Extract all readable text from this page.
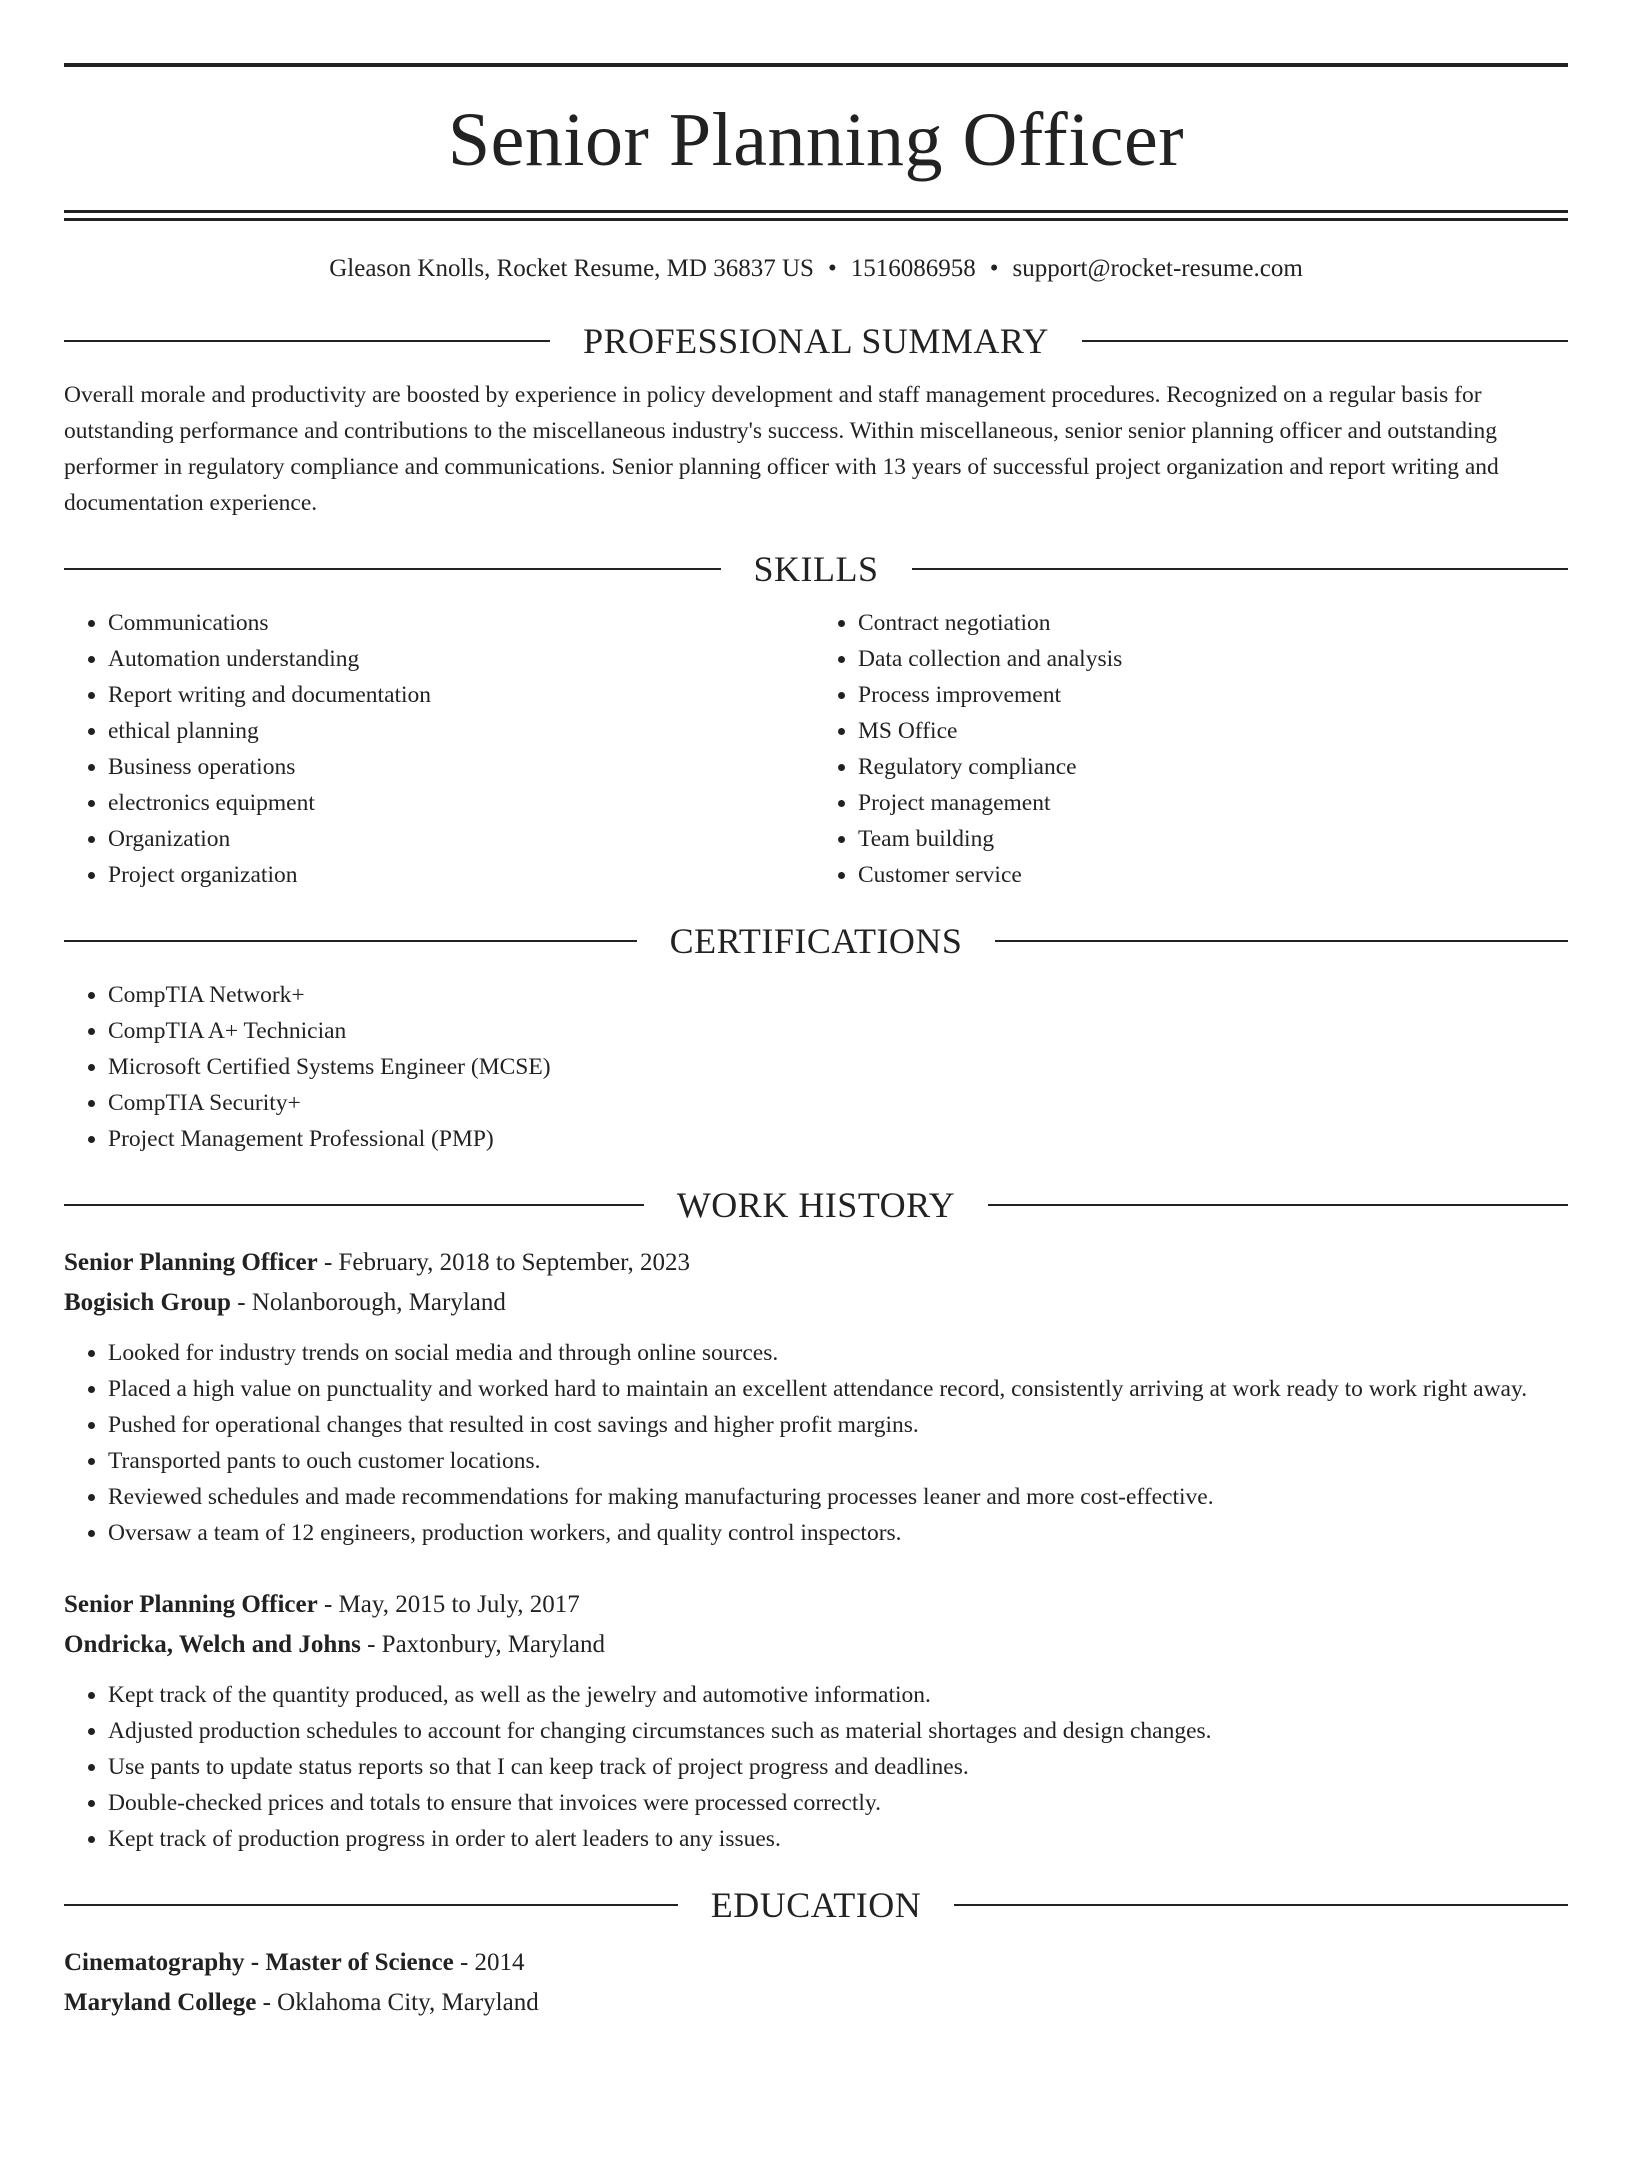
Senior Planning Officer
Gleason Knolls, Rocket Resume, MD 36837 US • 1516086958 • support@rocket-resume.com
PROFESSIONAL SUMMARY
Overall morale and productivity are boosted by experience in policy development and staff management procedures. Recognized on a regular basis for outstanding performance and contributions to the miscellaneous industry's success. Within miscellaneous, senior senior planning officer and outstanding performer in regulatory compliance and communications. Senior planning officer with 13 years of successful project organization and report writing and documentation experience.
SKILLS
• Communications
• Automation understanding
• Report writing and documentation
• ethical planning
• Business operations
• electronics equipment
• Organization
• Project organization
• Contract negotiation
• Data collection and analysis
• Process improvement
• MS Office
• Regulatory compliance
• Project management
• Team building
• Customer service
CERTIFICATIONS
• CompTIA Network+
• CompTIA A+ Technician
• Microsoft Certified Systems Engineer (MCSE)
• CompTIA Security+
• Project Management Professional (PMP)
WORK HISTORY
Senior Planning Officer - February, 2018 to September, 2023
Bogisich Group - Nolanborough, Maryland
• Looked for industry trends on social media and through online sources.
• Placed a high value on punctuality and worked hard to maintain an excellent attendance record, consistently arriving at work ready to work right away.
• Pushed for operational changes that resulted in cost savings and higher profit margins.
• Transported pants to ouch customer locations.
• Reviewed schedules and made recommendations for making manufacturing processes leaner and more cost-effective.
• Oversaw a team of 12 engineers, production workers, and quality control inspectors.
Senior Planning Officer - May, 2015 to July, 2017
Ondricka, Welch and Johns - Paxtonbury, Maryland
• Kept track of the quantity produced, as well as the jewelry and automotive information.
• Adjusted production schedules to account for changing circumstances such as material shortages and design changes.
• Use pants to update status reports so that I can keep track of project progress and deadlines.
• Double-checked prices and totals to ensure that invoices were processed correctly.
• Kept track of production progress in order to alert leaders to any issues.
EDUCATION
Cinematography - Master of Science - 2014
Maryland College - Oklahoma City, Maryland
